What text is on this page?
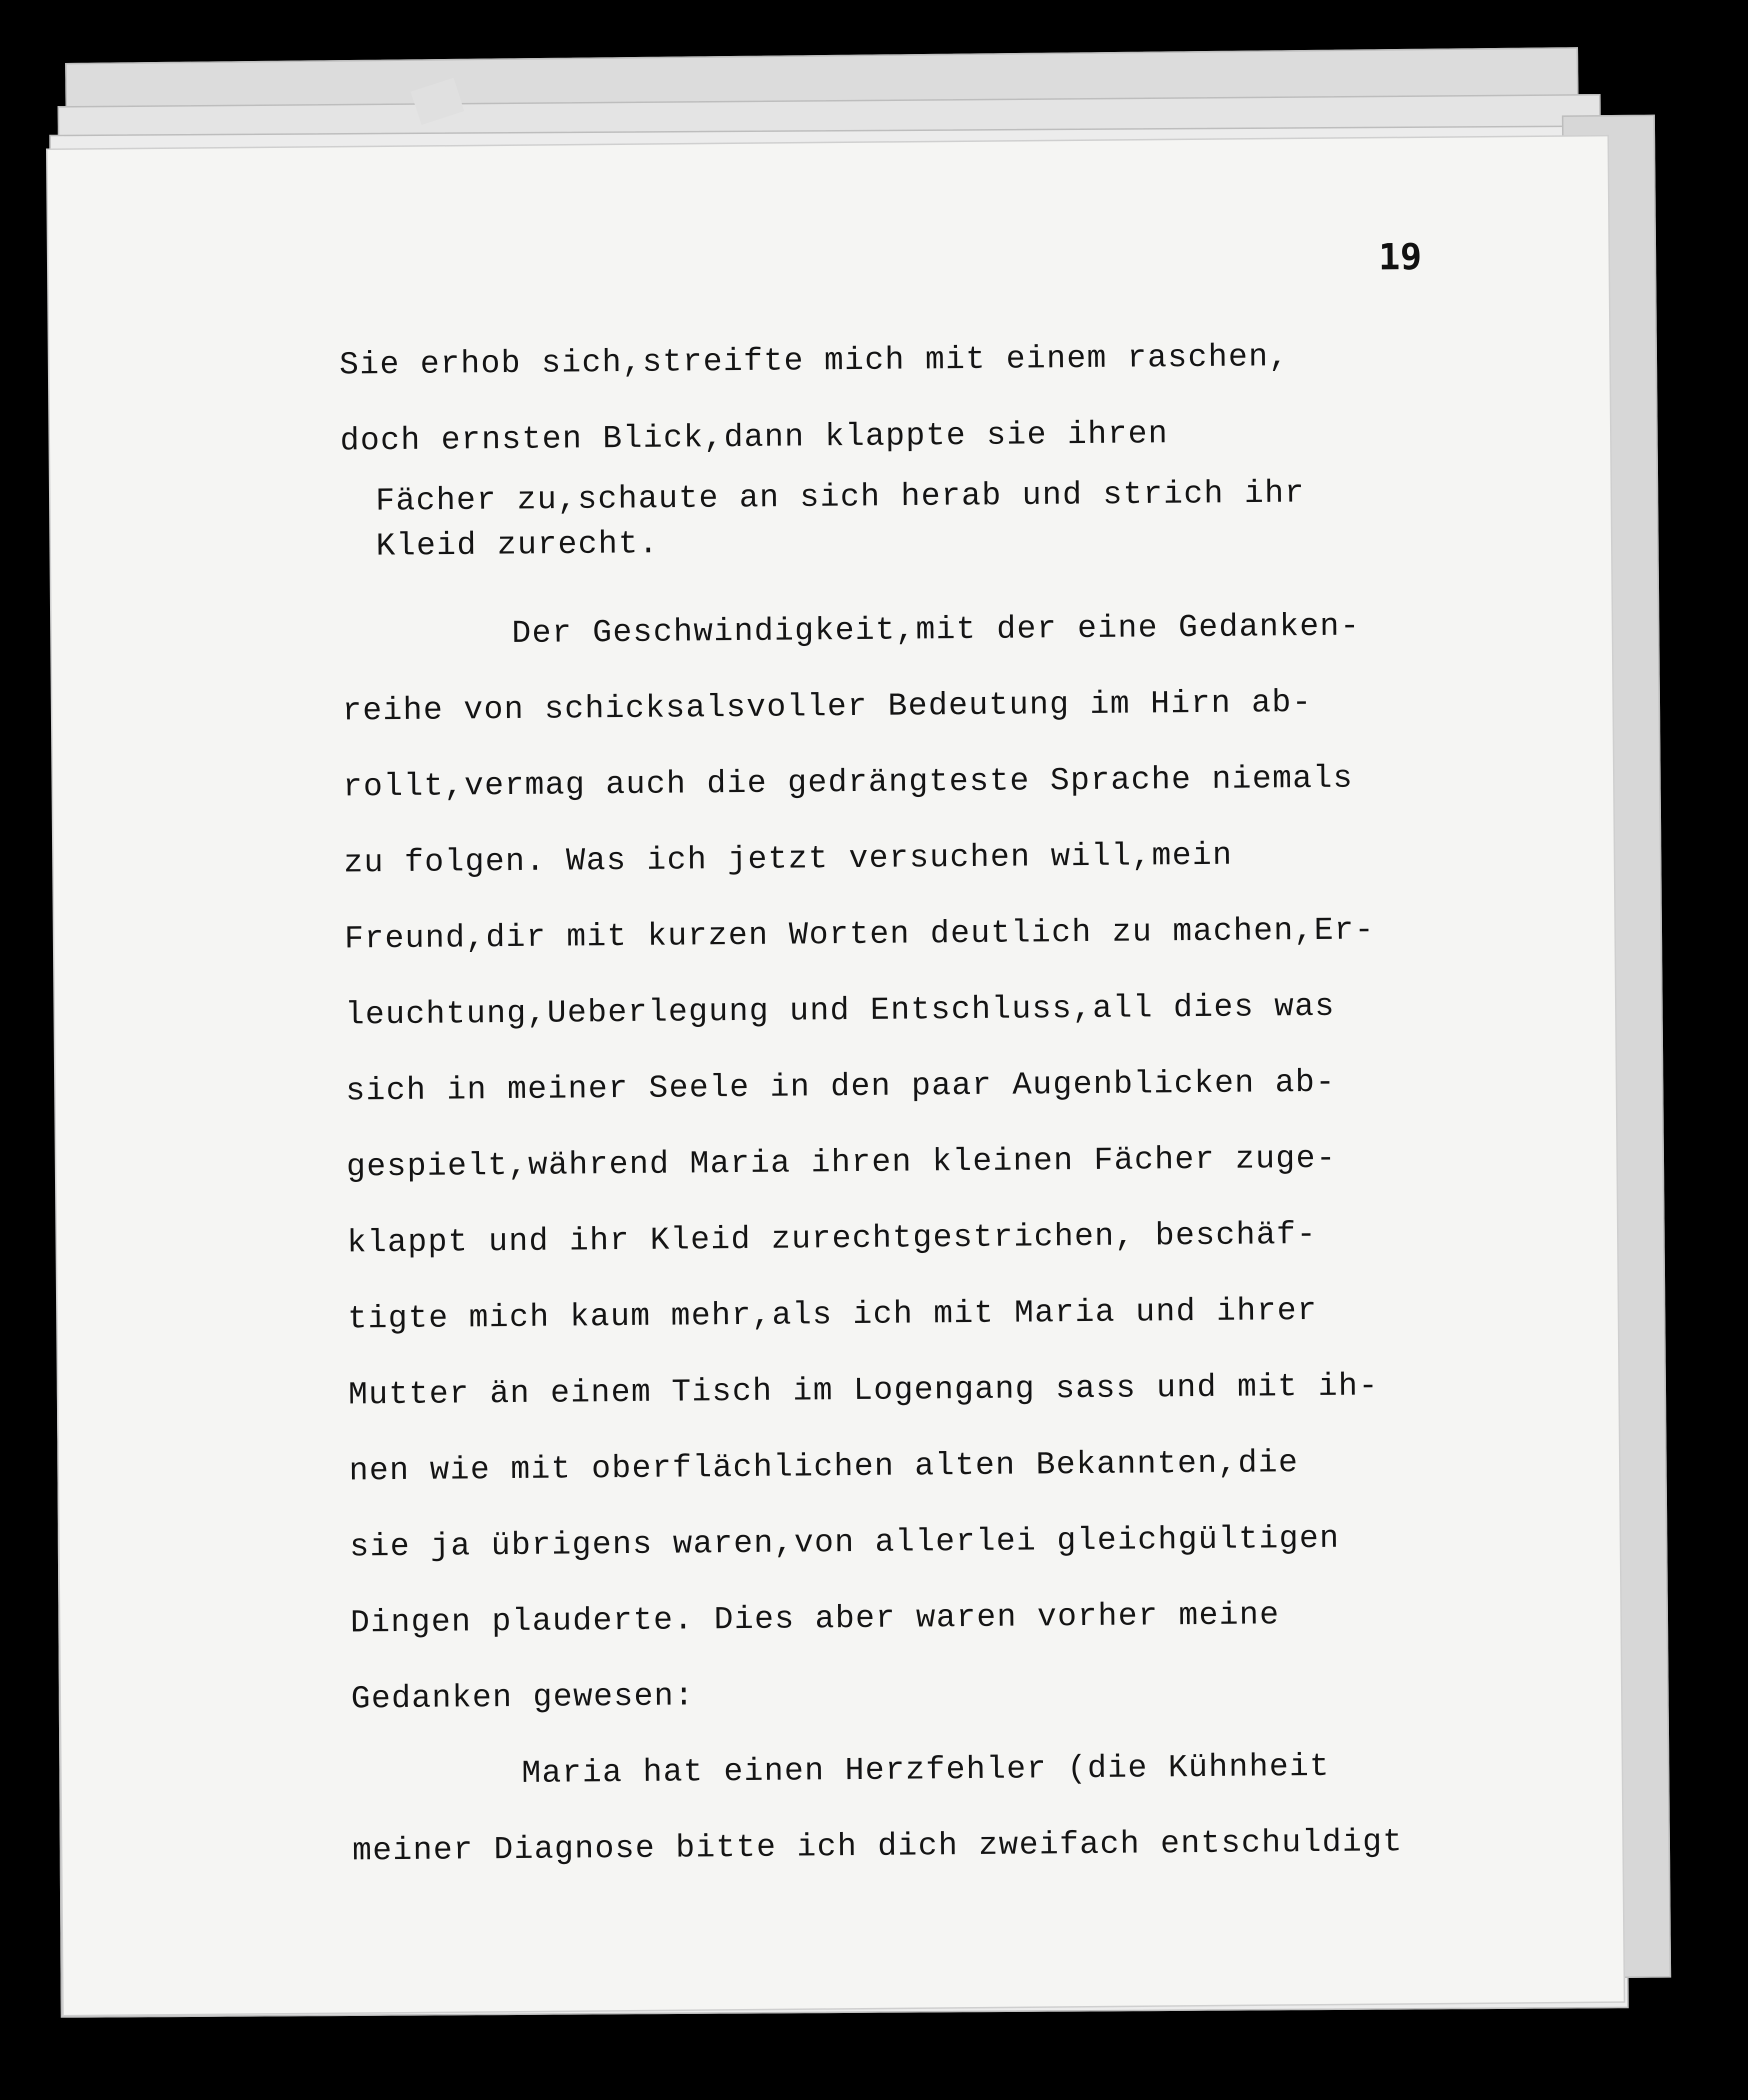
19
Sie erhob sich,streifte mich mit einem raschen,
doch ernsten Blick,dann klappte sie ihren
Fächer zu,schaute an sich herab und strich ihr
Kleid zurecht.
Der Geschwindigkeit,mit der eine Gedanken-
reihe von schicksalsvoller Bedeutung im Hirn ab-
rollt,vermag auch die gedrängteste Sprache niemals
zu folgen. Was ich jetzt versuchen will,mein
Freund,dir mit kurzen Worten deutlich zu machen,Er-
leuchtung,Ueberlegung und Entschluss,all dies was
sich in meiner Seele in den paar Augenblicken ab-
gespielt,während Maria ihren kleinen Fächer zuge-
klappt und ihr Kleid zurechtgestrichen, beschäf-
tigte mich kaum mehr,als ich mit Maria und ihrer
Mutter än einem Tisch im Logengang sass und mit ih-
nen wie mit oberflächlichen alten Bekannten,die
sie ja übrigens waren,von allerlei gleichgültigen
Dingen plauderte. Dies aber waren vorher meine
Gedanken gewesen:
Maria hat einen Herzfehler (die Kühnheit
meiner Diagnose bitte ich dich zweifach entschuldigt
